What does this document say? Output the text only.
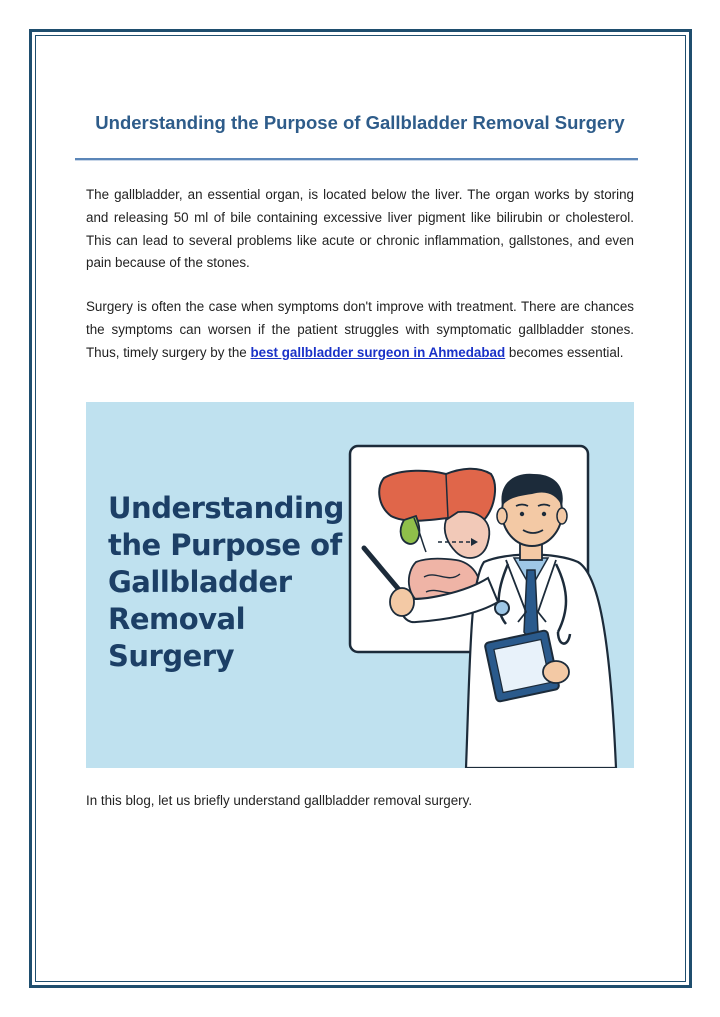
Understanding the Purpose of Gallbladder Removal Surgery

The gallbladder, an essential organ, is located below the liver. The organ works by storing and releasing 50 ml of bile containing excessive liver pigment like bilirubin or cholesterol. This can lead to several problems like acute or chronic inflammation, gallstones, and even pain because of the stones.

Surgery is often the case when symptoms don't improve with treatment. There are chances the symptoms can worsen if the patient struggles with symptomatic gallbladder stones. Thus, timely surgery by the best gallbladder surgeon in Ahmedabad becomes essential.

Understanding the Purpose of Gallbladder Removal Surgery

In this blog, let us briefly understand gallbladder removal surgery.
